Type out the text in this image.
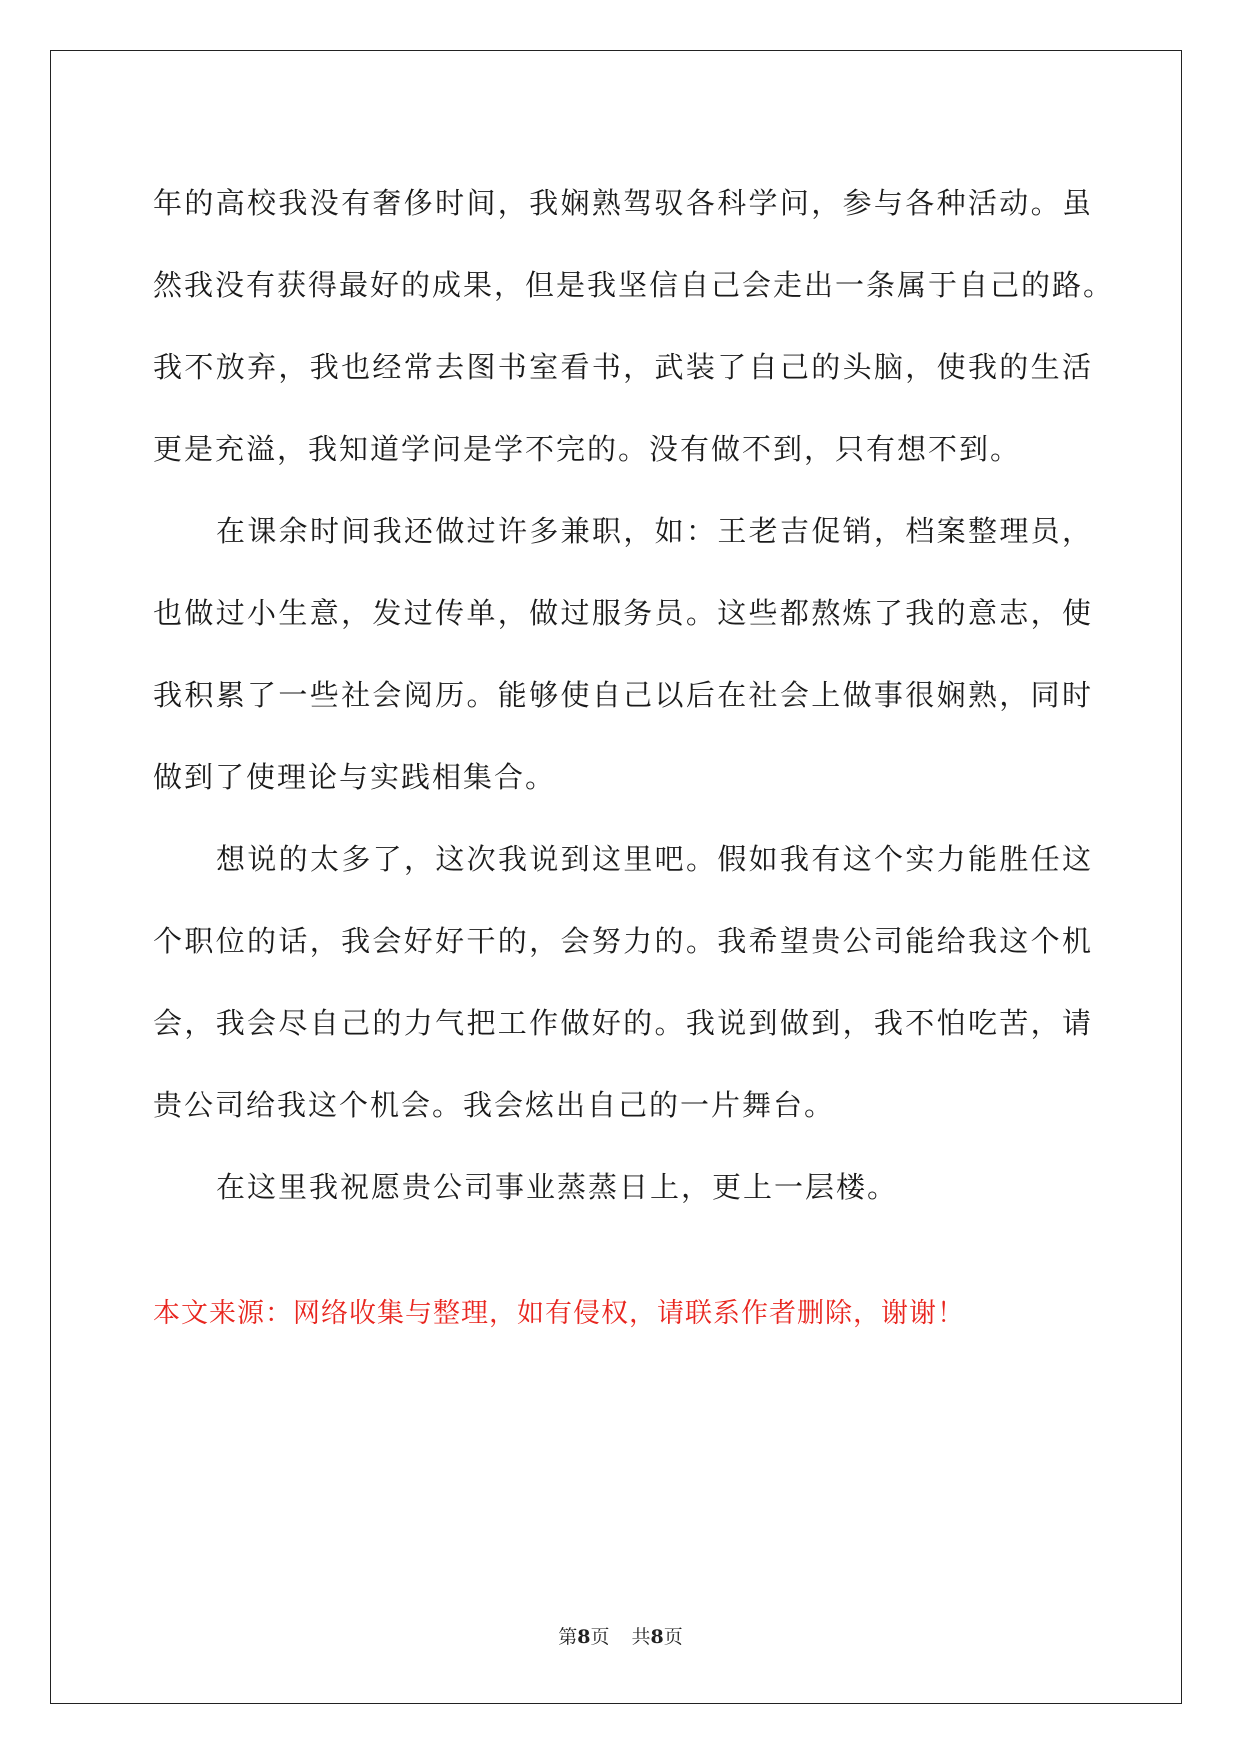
年的高校我没有奢侈时间，我娴熟驾驭各科学问，参与各种活动。虽
然我没有获得最好的成果，但是我坚信自己会走出一条属于自己的路。
我不放弃，我也经常去图书室看书，武装了自己的头脑，使我的生活
更是充溢，我知道学问是学不完的。没有做不到，只有想不到。
在课余时间我还做过许多兼职，如：王老吉促销，档案整理员，
也做过小生意，发过传单，做过服务员。这些都熬炼了我的意志，使
我积累了一些社会阅历。能够使自己以后在社会上做事很娴熟，同时
做到了使理论与实践相集合。
想说的太多了，这次我说到这里吧。假如我有这个实力能胜任这
个职位的话，我会好好干的，会努力的。我希望贵公司能给我这个机
会，我会尽自己的力气把工作做好的。我说到做到，我不怕吃苦，请
贵公司给我这个机会。我会炫出自己的一片舞台。
在这里我祝愿贵公司事业蒸蒸日上，更上一层楼。
本文来源：网络收集与整理，如有侵权，请联系作者删除，谢谢！
第8页 共8页
